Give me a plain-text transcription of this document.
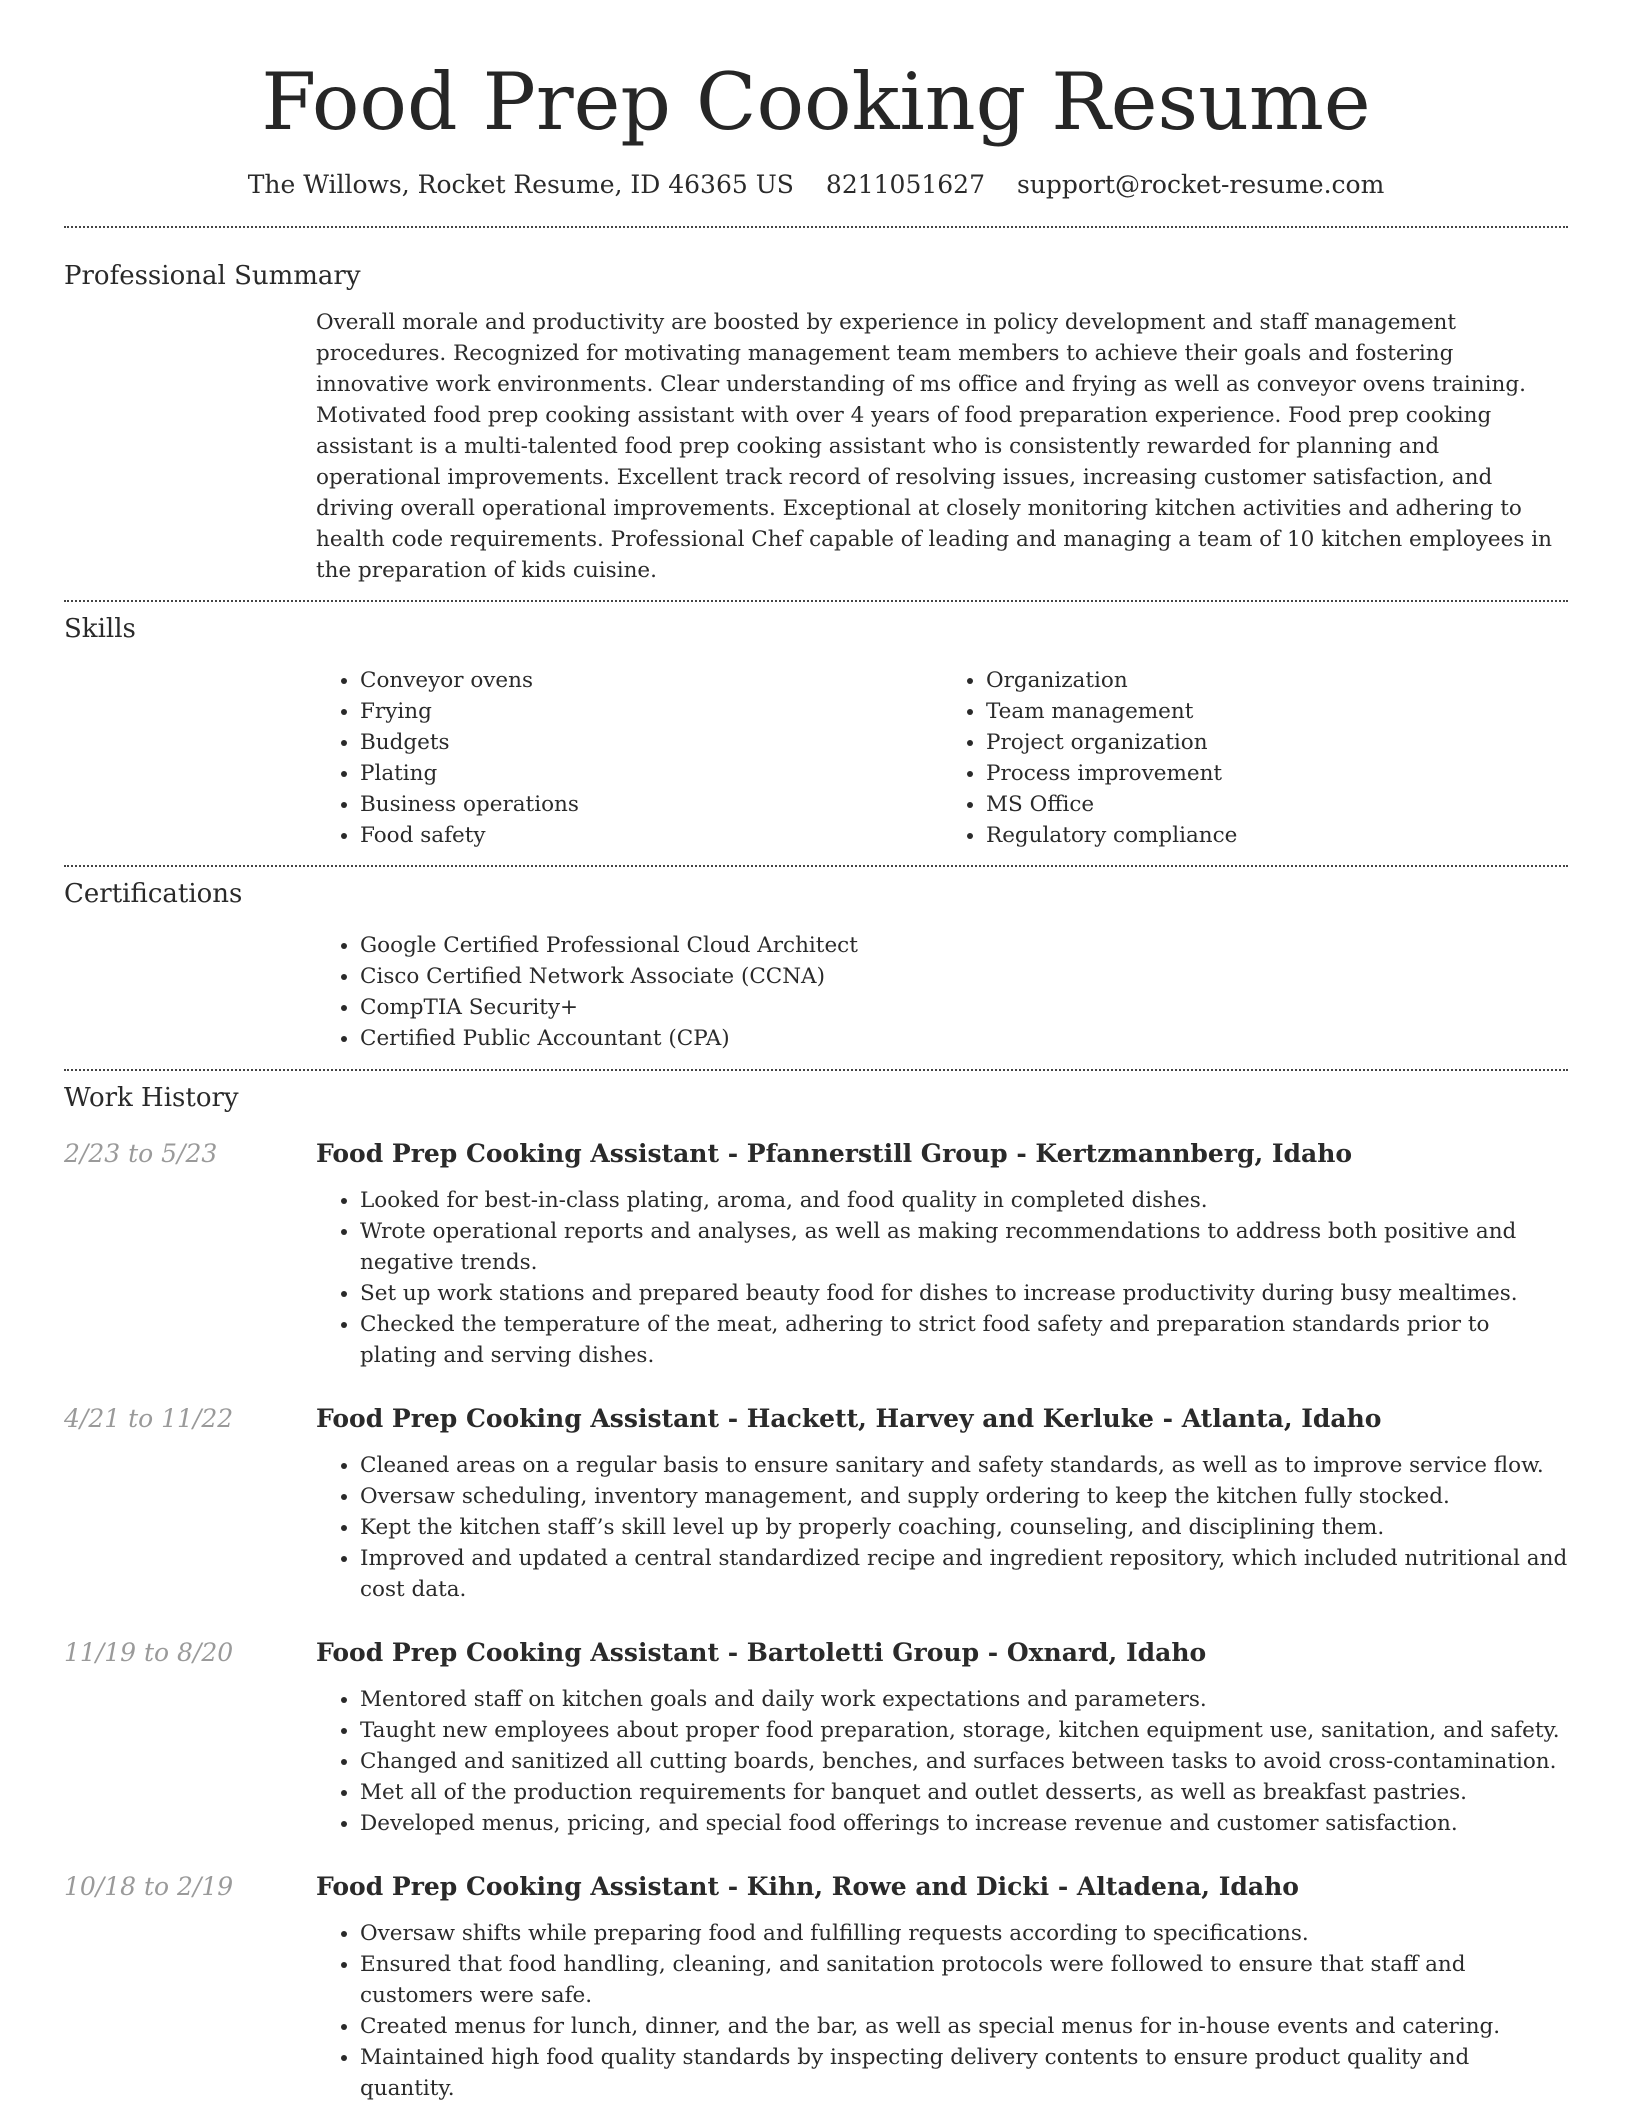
Food Prep Cooking Resume
The Willows, Rocket Resume, ID 46365 US 8211051627 support@rocket-resume.com
Professional Summary
Overall morale and productivity are boosted by experience in policy development and staff management procedures. Recognized for motivating management team members to achieve their goals and fostering innovative work environments. Clear understanding of ms office and frying as well as conveyor ovens training. Motivated food prep cooking assistant with over 4 years of food preparation experience. Food prep cooking assistant is a multi-talented food prep cooking assistant who is consistently rewarded for planning and operational improvements. Excellent track record of resolving issues, increasing customer satisfaction, and driving overall operational improvements. Exceptional at closely monitoring kitchen activities and adhering to health code requirements. Professional Chef capable of leading and managing a team of 10 kitchen employees in the preparation of kids cuisine.
Skills
• Conveyor ovens
• Frying
• Budgets
• Plating
• Business operations
• Food safety
• Organization
• Team management
• Project organization
• Process improvement
• MS Office
• Regulatory compliance
Certifications
• Google Certified Professional Cloud Architect
• Cisco Certified Network Associate (CCNA)
• CompTIA Security+
• Certified Public Accountant (CPA)
Work History
2/23 to 5/23	Food Prep Cooking Assistant - Pfannerstill Group - Kertzmannberg, Idaho
• Looked for best-in-class plating, aroma, and food quality in completed dishes.
• Wrote operational reports and analyses, as well as making recommendations to address both positive and negative trends.
• Set up work stations and prepared beauty food for dishes to increase productivity during busy mealtimes.
• Checked the temperature of the meat, adhering to strict food safety and preparation standards prior to plating and serving dishes.
4/21 to 11/22	Food Prep Cooking Assistant - Hackett, Harvey and Kerluke - Atlanta, Idaho
• Cleaned areas on a regular basis to ensure sanitary and safety standards, as well as to improve service flow.
• Oversaw scheduling, inventory management, and supply ordering to keep the kitchen fully stocked.
• Kept the kitchen staff’s skill level up by properly coaching, counseling, and disciplining them.
• Improved and updated a central standardized recipe and ingredient repository, which included nutritional and cost data.
11/19 to 8/20	Food Prep Cooking Assistant - Bartoletti Group - Oxnard, Idaho
• Mentored staff on kitchen goals and daily work expectations and parameters.
• Taught new employees about proper food preparation, storage, kitchen equipment use, sanitation, and safety.
• Changed and sanitized all cutting boards, benches, and surfaces between tasks to avoid cross-contamination.
• Met all of the production requirements for banquet and outlet desserts, as well as breakfast pastries.
• Developed menus, pricing, and special food offerings to increase revenue and customer satisfaction.
10/18 to 2/19	Food Prep Cooking Assistant - Kihn, Rowe and Dicki - Altadena, Idaho
• Oversaw shifts while preparing food and fulfilling requests according to specifications.
• Ensured that food handling, cleaning, and sanitation protocols were followed to ensure that staff and customers were safe.
• Created menus for lunch, dinner, and the bar, as well as special menus for in-house events and catering.
• Maintained high food quality standards by inspecting delivery contents to ensure product quality and quantity.
